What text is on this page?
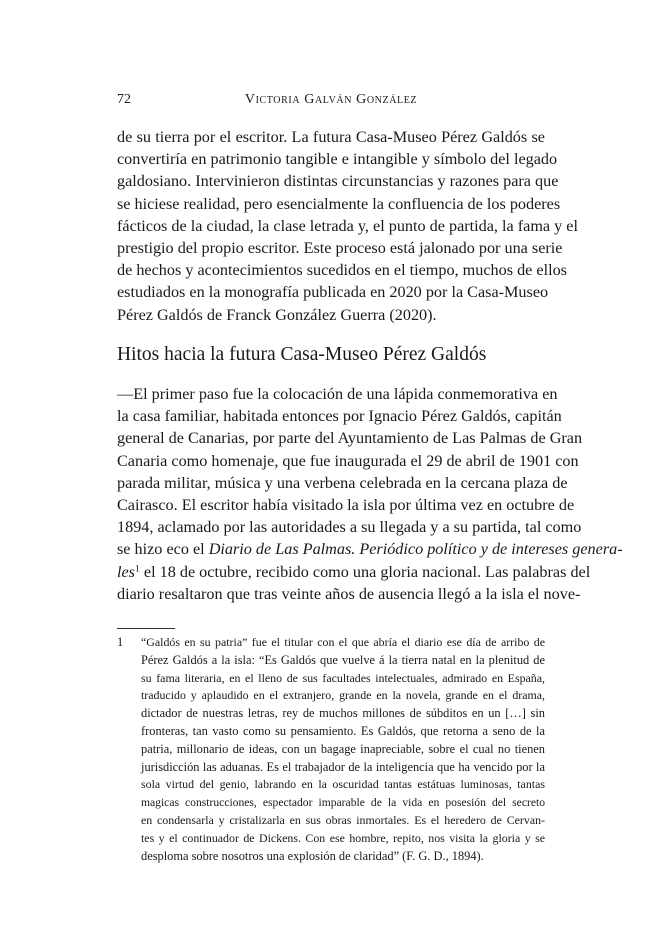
72	Victoria Galván González
de su tierra por el escritor. La futura Casa-Museo Pérez Galdós se
convertiría en patrimonio tangible e intangible y símbolo del legado
galdosiano. Intervinieron distintas circunstancias y razones para que
se hiciese realidad, pero esencialmente la confluencia de los poderes
fácticos de la ciudad, la clase letrada y, el punto de partida, la fama y el
prestigio del propio escritor. Este proceso está jalonado por una serie
de hechos y acontecimientos sucedidos en el tiempo, muchos de ellos
estudiados en la monografía publicada en 2020 por la Casa-Museo
Pérez Galdós de Franck González Guerra (2020).
Hitos hacia la futura Casa-Museo Pérez Galdós
—El primer paso fue la colocación de una lápida conmemorativa en
la casa familiar, habitada entonces por Ignacio Pérez Galdós, capitán
general de Canarias, por parte del Ayuntamiento de Las Palmas de Gran
Canaria como homenaje, que fue inaugurada el 29 de abril de 1901 con
parada militar, música y una verbena celebrada en la cercana plaza de
Cairasco. El escritor había visitado la isla por última vez en octubre de
1894, aclamado por las autoridades a su llegada y a su partida, tal como
se hizo eco el Diario de Las Palmas. Periódico político y de intereses genera-
les$^1$ el 18 de octubre, recibido como una gloria nacional. Las palabras del
diario resaltaron que tras veinte años de ausencia llegó a la isla el nove-
1 “Galdós en su patria” fue el titular con el que abría el diario ese día de arribo de
Pérez Galdós a la isla: “Es Galdós que vuelve á la tierra natal en la plenitud de
su fama literaria, en el lleno de sus facultades intelectuales, admirado en España,
traducido y aplaudido en el extranjero, grande en la novela, grande en el drama,
dictador de nuestras letras, rey de muchos millones de súbditos en un […] sin
fronteras, tan vasto como su pensamiento. Es Galdós, que retorna a seno de la
patria, millonario de ideas, con un bagage inapreciable, sobre el cual no tienen
jurisdicción las aduanas. Es el trabajador de la inteligencia que ha vencido por la
sola virtud del genio, labrando en la oscuridad tantas estátuas luminosas, tantas
magicas construcciones, espectador imparable de la vida en posesión del secreto
en condensarla y cristalizarla en sus obras inmortales. Es el heredero de Cervan-
tes y el continuador de Dickens. Con ese hombre, repito, nos visita la gloria y se
desploma sobre nosotros una explosión de claridad” (F. G. D., 1894).
